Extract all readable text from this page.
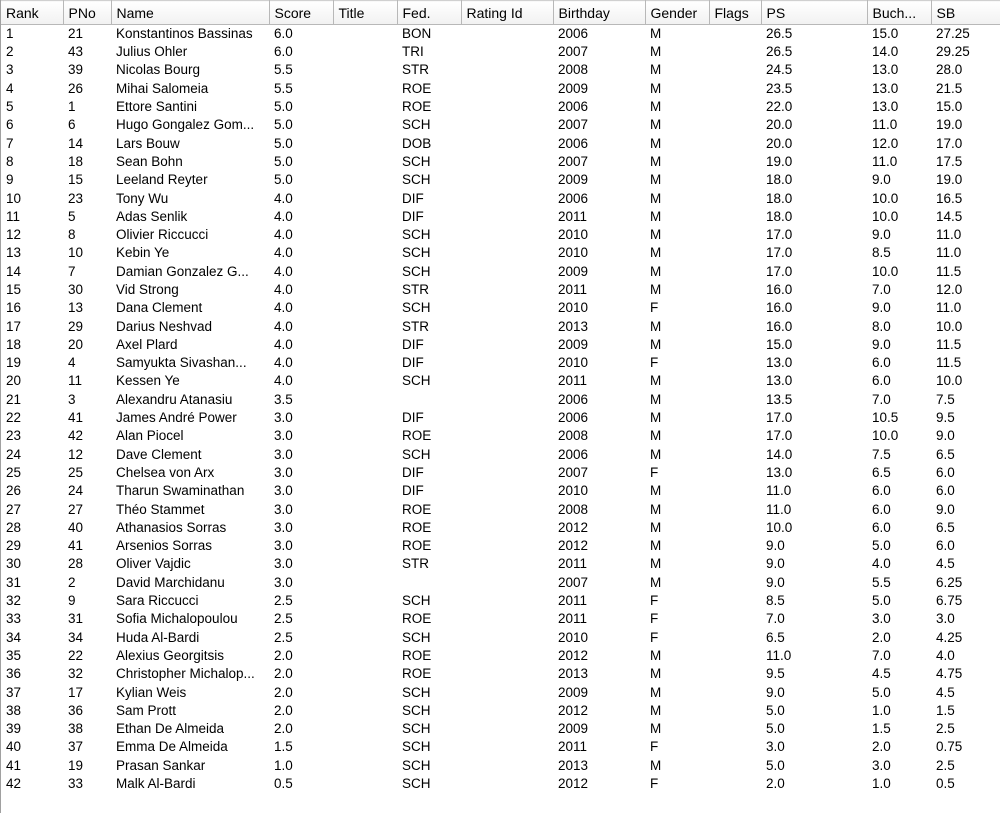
Rank	PNo	Name	Score	Title	Fed.	Rating Id	Birthday	Gender	Flags	PS	Buch...	SB
1	21	Konstantinos Bassinas	6.0		BON		2006	M		26.5	15.0	27.25
2	43	Julius Ohler	6.0		TRI		2007	M		26.5	14.0	29.25
3	39	Nicolas Bourg	5.5		STR		2008	M		24.5	13.0	28.0
4	26	Mihai Salomeia	5.5		ROE		2009	M		23.5	13.0	21.5
5	1	Ettore Santini	5.0		ROE		2006	M		22.0	13.0	15.0
6	6	Hugo Gongalez Gom...	5.0		SCH		2007	M		20.0	11.0	19.0
7	14	Lars Bouw	5.0		DOB		2006	M		20.0	12.0	17.0
8	18	Sean Bohn	5.0		SCH		2007	M		19.0	11.0	17.5
9	15	Leeland Reyter	5.0		SCH		2009	M		18.0	9.0	19.0
10	23	Tony Wu	4.0		DIF		2006	M		18.0	10.0	16.5
11	5	Adas Senlik	4.0		DIF		2011	M		18.0	10.0	14.5
12	8	Olivier Riccucci	4.0		SCH		2010	M		17.0	9.0	11.0
13	10	Kebin Ye	4.0		SCH		2010	M		17.0	8.5	11.0
14	7	Damian Gonzalez G...	4.0		SCH		2009	M		17.0	10.0	11.5
15	30	Vid Strong	4.0		STR		2011	M		16.0	7.0	12.0
16	13	Dana Clement	4.0		SCH		2010	F		16.0	9.0	11.0
17	29	Darius Neshvad	4.0		STR		2013	M		16.0	8.0	10.0
18	20	Axel Plard	4.0		DIF		2009	M		15.0	9.0	11.5
19	4	Samyukta Sivashan...	4.0		DIF		2010	F		13.0	6.0	11.5
20	11	Kessen Ye	4.0		SCH		2011	M		13.0	6.0	10.0
21	3	Alexandru Atanasiu	3.5				2006	M		13.5	7.0	7.5
22	41	James André Power	3.0		DIF		2006	M		17.0	10.5	9.5
23	42	Alan Piocel	3.0		ROE		2008	M		17.0	10.0	9.0
24	12	Dave Clement	3.0		SCH		2006	M		14.0	7.5	6.5
25	25	Chelsea von Arx	3.0		DIF		2007	F		13.0	6.5	6.0
26	24	Tharun Swaminathan	3.0		DIF		2010	M		11.0	6.0	6.0
27	27	Théo Stammet	3.0		ROE		2008	M		11.0	6.0	9.0
28	40	Athanasios Sorras	3.0		ROE		2012	M		10.0	6.0	6.5
29	41	Arsenios Sorras	3.0		ROE		2012	M		9.0	5.0	6.0
30	28	Oliver Vajdic	3.0		STR		2011	M		9.0	4.0	4.5
31	2	David Marchidanu	3.0				2007	M		9.0	5.5	6.25
32	9	Sara Riccucci	2.5		SCH		2011	F		8.5	5.0	6.75
33	31	Sofia Michalopoulou	2.5		ROE		2011	F		7.0	3.0	3.0
34	34	Huda Al-Bardi	2.5		SCH		2010	F		6.5	2.0	4.25
35	22	Alexius Georgitsis	2.0		ROE		2012	M		11.0	7.0	4.0
36	32	Christopher Michalop...	2.0		ROE		2013	M		9.5	4.5	4.75
37	17	Kylian Weis	2.0		SCH		2009	M		9.0	5.0	4.5
38	36	Sam Prott	2.0		SCH		2012	M		5.0	1.0	1.5
39	38	Ethan De Almeida	2.0		SCH		2009	M		5.0	1.5	2.5
40	37	Emma De Almeida	1.5		SCH		2011	F		3.0	2.0	0.75
41	19	Prasan Sankar	1.0		SCH		2013	M		5.0	3.0	2.5
42	33	Malk Al-Bardi	0.5		SCH		2012	F		2.0	1.0	0.5
